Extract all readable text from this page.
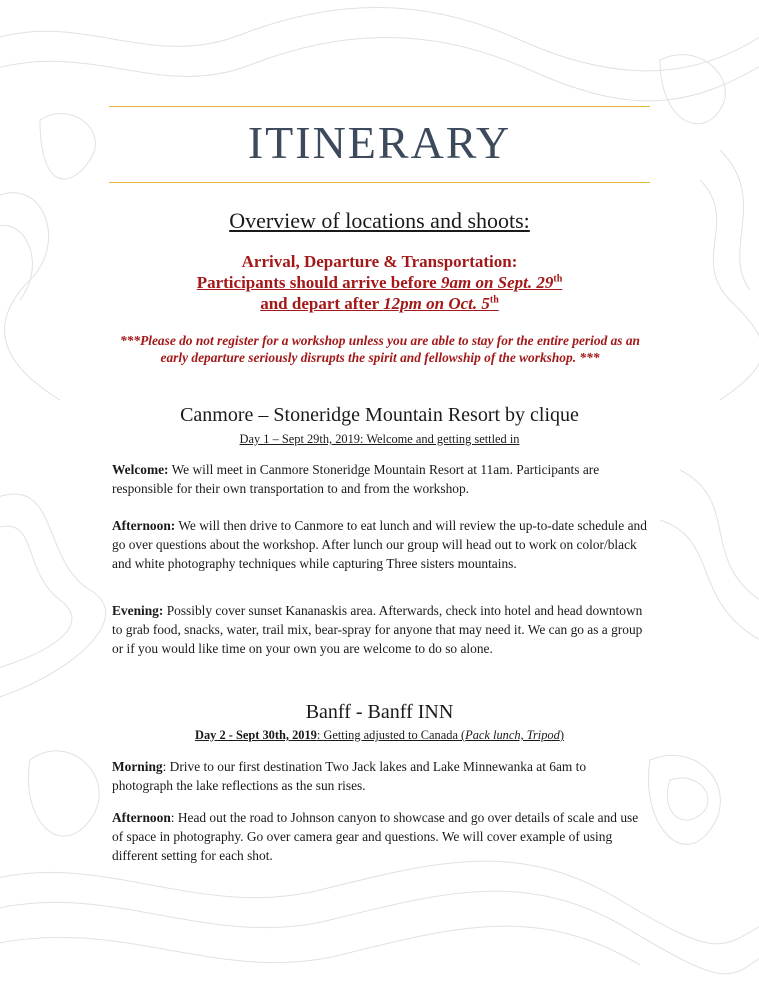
ITINERARY
Overview of locations and shoots:
Arrival, Departure & Transportation:
Participants should arrive before 9am on Sept. 29th
and depart after 12pm on Oct. 5th
***Please do not register for a workshop unless you are able to stay for the entire period as an early departure seriously disrupts the spirit and fellowship of the workshop. ***
Canmore – Stoneridge Mountain Resort by clique
Day 1 – Sept 29th, 2019: Welcome and getting settled in
Welcome: We will meet in Canmore Stoneridge Mountain Resort at 11am. Participants are responsible for their own transportation to and from the workshop.
Afternoon: We will then drive to Canmore to eat lunch and will review the up-to-date schedule and go over questions about the workshop. After lunch our group will head out to work on color/black and white photography techniques while capturing Three sisters mountains.
Evening: Possibly cover sunset Kananaskis area. Afterwards, check into hotel and head downtown to grab food, snacks, water, trail mix, bear-spray for anyone that may need it. We can go as a group or if you would like time on your own you are welcome to do so alone.
Banff - Banff INN
Day 2 - Sept 30th, 2019: Getting adjusted to Canada (Pack lunch, Tripod)
Morning: Drive to our first destination Two Jack lakes and Lake Minnewanka at 6am to photograph the lake reflections as the sun rises.
Afternoon: Head out the road to Johnson canyon to showcase and go over details of scale and use of space in photography. Go over camera gear and questions. We will cover example of using different setting for each shot.
